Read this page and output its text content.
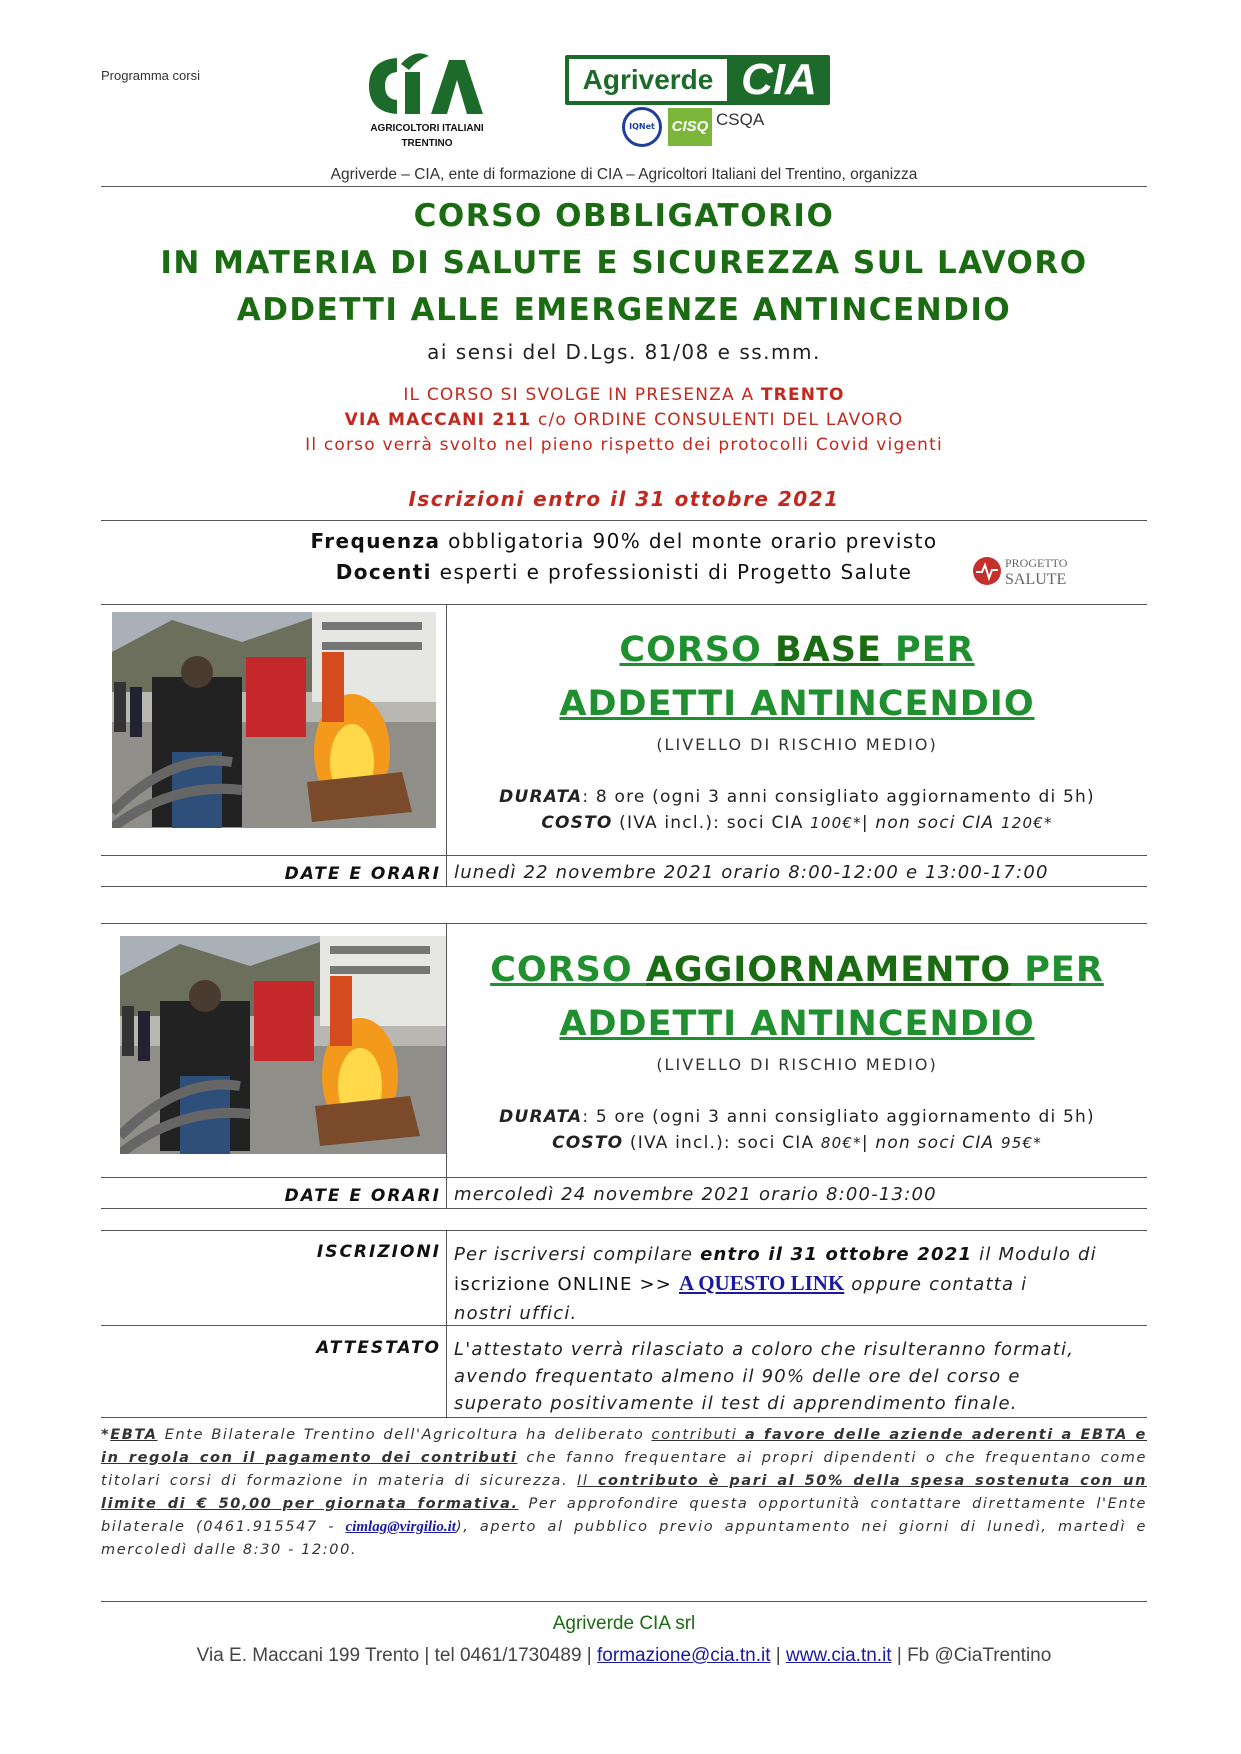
Programma corsi
AGRICOLTORI ITALIANI
TRENTINO
Agriverde CIA
IQNet	CISQ CSQA
Agriverde – CIA, ente di formazione di CIA – Agricoltori Italiani del Trentino, organizza
CORSO OBBLIGATORIO
IN MATERIA DI SALUTE E SICUREZZA SUL LAVORO
ADDETTI ALLE EMERGENZE ANTINCENDIO
ai sensi del D.Lgs. 81/08 e ss.mm.
IL CORSO SI SVOLGE IN PRESENZA A TRENTO
VIA MACCANI 211 c/o ORDINE CONSULENTI DEL LAVORO
Il corso verrà svolto nel pieno rispetto dei protocolli Covid vigenti
Iscrizioni entro il 31 ottobre 2021
Frequenza obbligatoria 90% del monte orario previsto
Docenti esperti e professionisti di Progetto Salute	PROGETTO
SALUTE
CORSO BASE PER
ADDETTI ANTINCENDIO
(LIVELLO DI RISCHIO MEDIO)
DURATA: 8 ore (ogni 3 anni consigliato aggiornamento di 5h)
COSTO (IVA incl.): soci CIA 100€*| non soci CIA 120€*
DATE E ORARI lunedì 22 novembre 2021 orario 8:00-12:00 e 13:00-17:00
CORSO AGGIORNAMENTO PER
ADDETTI ANTINCENDIO
(LIVELLO DI RISCHIO MEDIO)
DURATA: 5 ore (ogni 3 anni consigliato aggiornamento di 5h)
COSTO (IVA incl.): soci CIA 80€*| non soci CIA 95€*
DATE E ORARI mercoledì 24 novembre 2021 orario 8:00-13:00
ISCRIZIONI Per iscriversi compilare entro il 31 ottobre 2021 il Modulo di
iscrizione ONLINE >> A QUESTO LINK oppure contatta i
nostri uffici.
ATTESTATO L'attestato verrà rilasciato a coloro che risulteranno formati,
avendo frequentato almeno il 90% delle ore del corso e
superato positivamente il test di apprendimento finale.
*EBTA Ente Bilaterale Trentino dell'Agricoltura ha deliberato contributi a favore delle aziende aderenti a EBTA e in regola con il pagamento dei contributi che fanno frequentare ai propri dipendenti o che frequentano come titolari corsi di formazione in materia di sicurezza. Il contributo è pari al 50% della spesa sostenuta con un limite di € 50,00 per giornata formativa. Per approfondire questa opportunità contattare direttamente l'Ente bilaterale (0461.915547 - cimlag@virgilio.it), aperto al pubblico previo appuntamento nei giorni di lunedì, martedì e mercoledì dalle 8:30 - 12:00.
Agriverde CIA srl
Via E. Maccani 199 Trento | tel 0461/1730489 | formazione@cia.tn.it | www.cia.tn.it | Fb @CiaTrentino
